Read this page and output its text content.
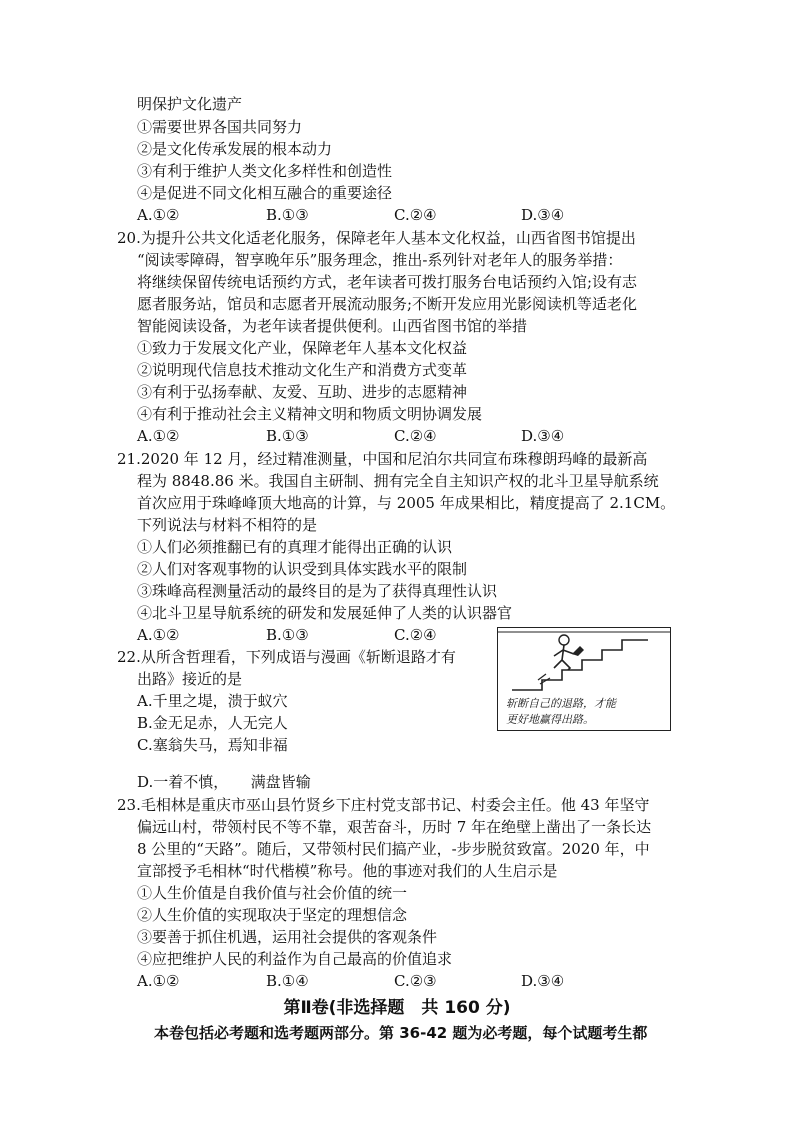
明保护文化遗产
①需要世界各国共同努力
②是文化传承发展的根本动力
③有利于维护人类文化多样性和创造性
④是促进不同文化相互融合的重要途径
A.①②	B.①③	C.②④	D.③④
20.为提升公共文化适老化服务，保障老年人基本文化权益，山西省图书馆提出
“阅读零障碍，智享晚年乐”服务理念，推出-系列针对老年人的服务举措：
将继续保留传统电话预约方式，老年读者可拨打服务台电话预约入馆;设有志
愿者服务站，馆员和志愿者开展流动服务;不断开发应用光影阅读机等适老化
智能阅读设备，为老年读者提供便利。山西省图书馆的举措
①致力于发展文化产业，保障老年人基本文化权益
②说明现代信息技术推动文化生产和消费方式变革
③有利于弘扬奉献、友爱、互助、进步的志愿精神
④有利于推动社会主义精神文明和物质文明协调发展
A.①②	B.①③	C.②④	D.③④
21.2020 年 12 月，经过精准测量，中国和尼泊尔共同宣布珠穆朗玛峰的最新高
程为 8848.86 米。我国自主研制、拥有完全自主知识产权的北斗卫星导航系统
首次应用于珠峰峰顶大地高的计算，与 2005 年成果相比，精度提高了 2.1CM。
下列说法与材料不相符的是
①人们必须推翻已有的真理才能得出正确的认识
②人们对客观事物的认识受到具体实践水平的限制
③珠峰高程测量活动的最终目的是为了获得真理性认识
④北斗卫星导航系统的研发和发展延伸了人类的认识器官
A.①②	B.①③	C.②④
22.从所含哲理看，下列成语与漫画《斩断退路才有
出路》接近的是
A.千里之堤，溃于蚁穴
B.金无足赤，人无完人
C.塞翁失马，焉知非福
D.一着不慎，　　满盘皆输
斩断自己的退路，才能
更好地赢得出路。
23.毛相林是重庆市巫山县竹贤乡下庄村党支部书记、村委会主任。他 43 年坚守
偏远山村，带领村民不等不靠，艰苦奋斗，历时 7 年在绝壁上凿出了一条长达
8 公里的“天路”。随后，又带领村民们搞产业，-步步脱贫致富。2020 年，中
宣部授予毛相林“时代楷模”称号。他的事迹对我们的人生启示是
①人生价值是自我价值与社会价值的统一
②人生价值的实现取决于坚定的理想信念
③要善于抓住机遇，运用社会提供的客观条件
④应把维护人民的利益作为自己最高的价值追求
A.①②	B.①④	C.②③	D.③④
第Ⅱ卷(非选择题　共 160 分)
本卷包括必考题和选考题两部分。第 36-42 题为必考题，每个试题考生都
